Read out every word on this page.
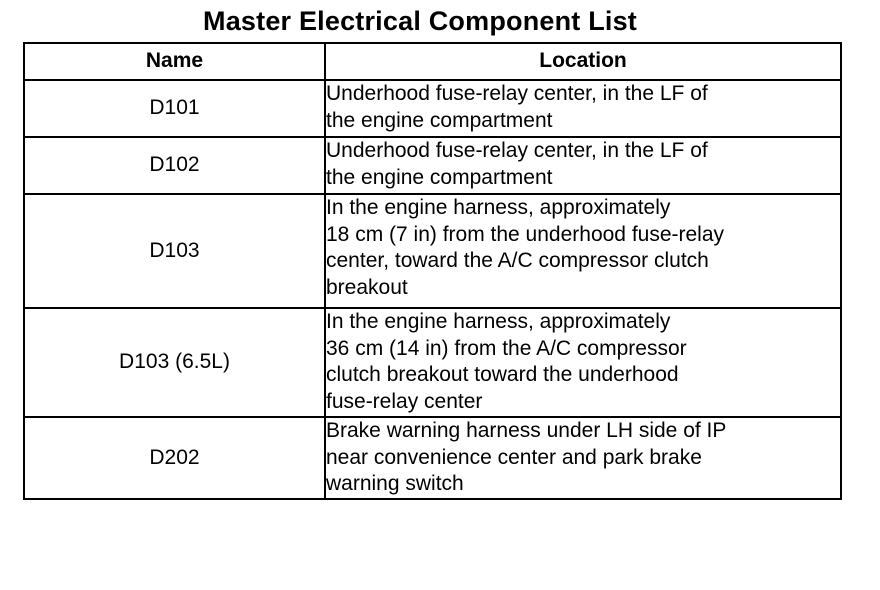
Master Electrical Component List
Name	Location
D101	Underhood fuse-relay center, in the LF of
the engine compartment

D102	Underhood fuse-relay center, in the LF of
the engine compartment

D103	In the engine harness, approximately
18 cm (7 in) from the underhood fuse-relay
center, toward the A/C compressor clutch
breakout

D103 (6.5L)	In the engine harness, approximately
36 cm (14 in) from the A/C compressor
clutch breakout toward the underhood
fuse-relay center

D202	Brake warning harness under LH side of IP
near convenience center and park brake
warning switch
